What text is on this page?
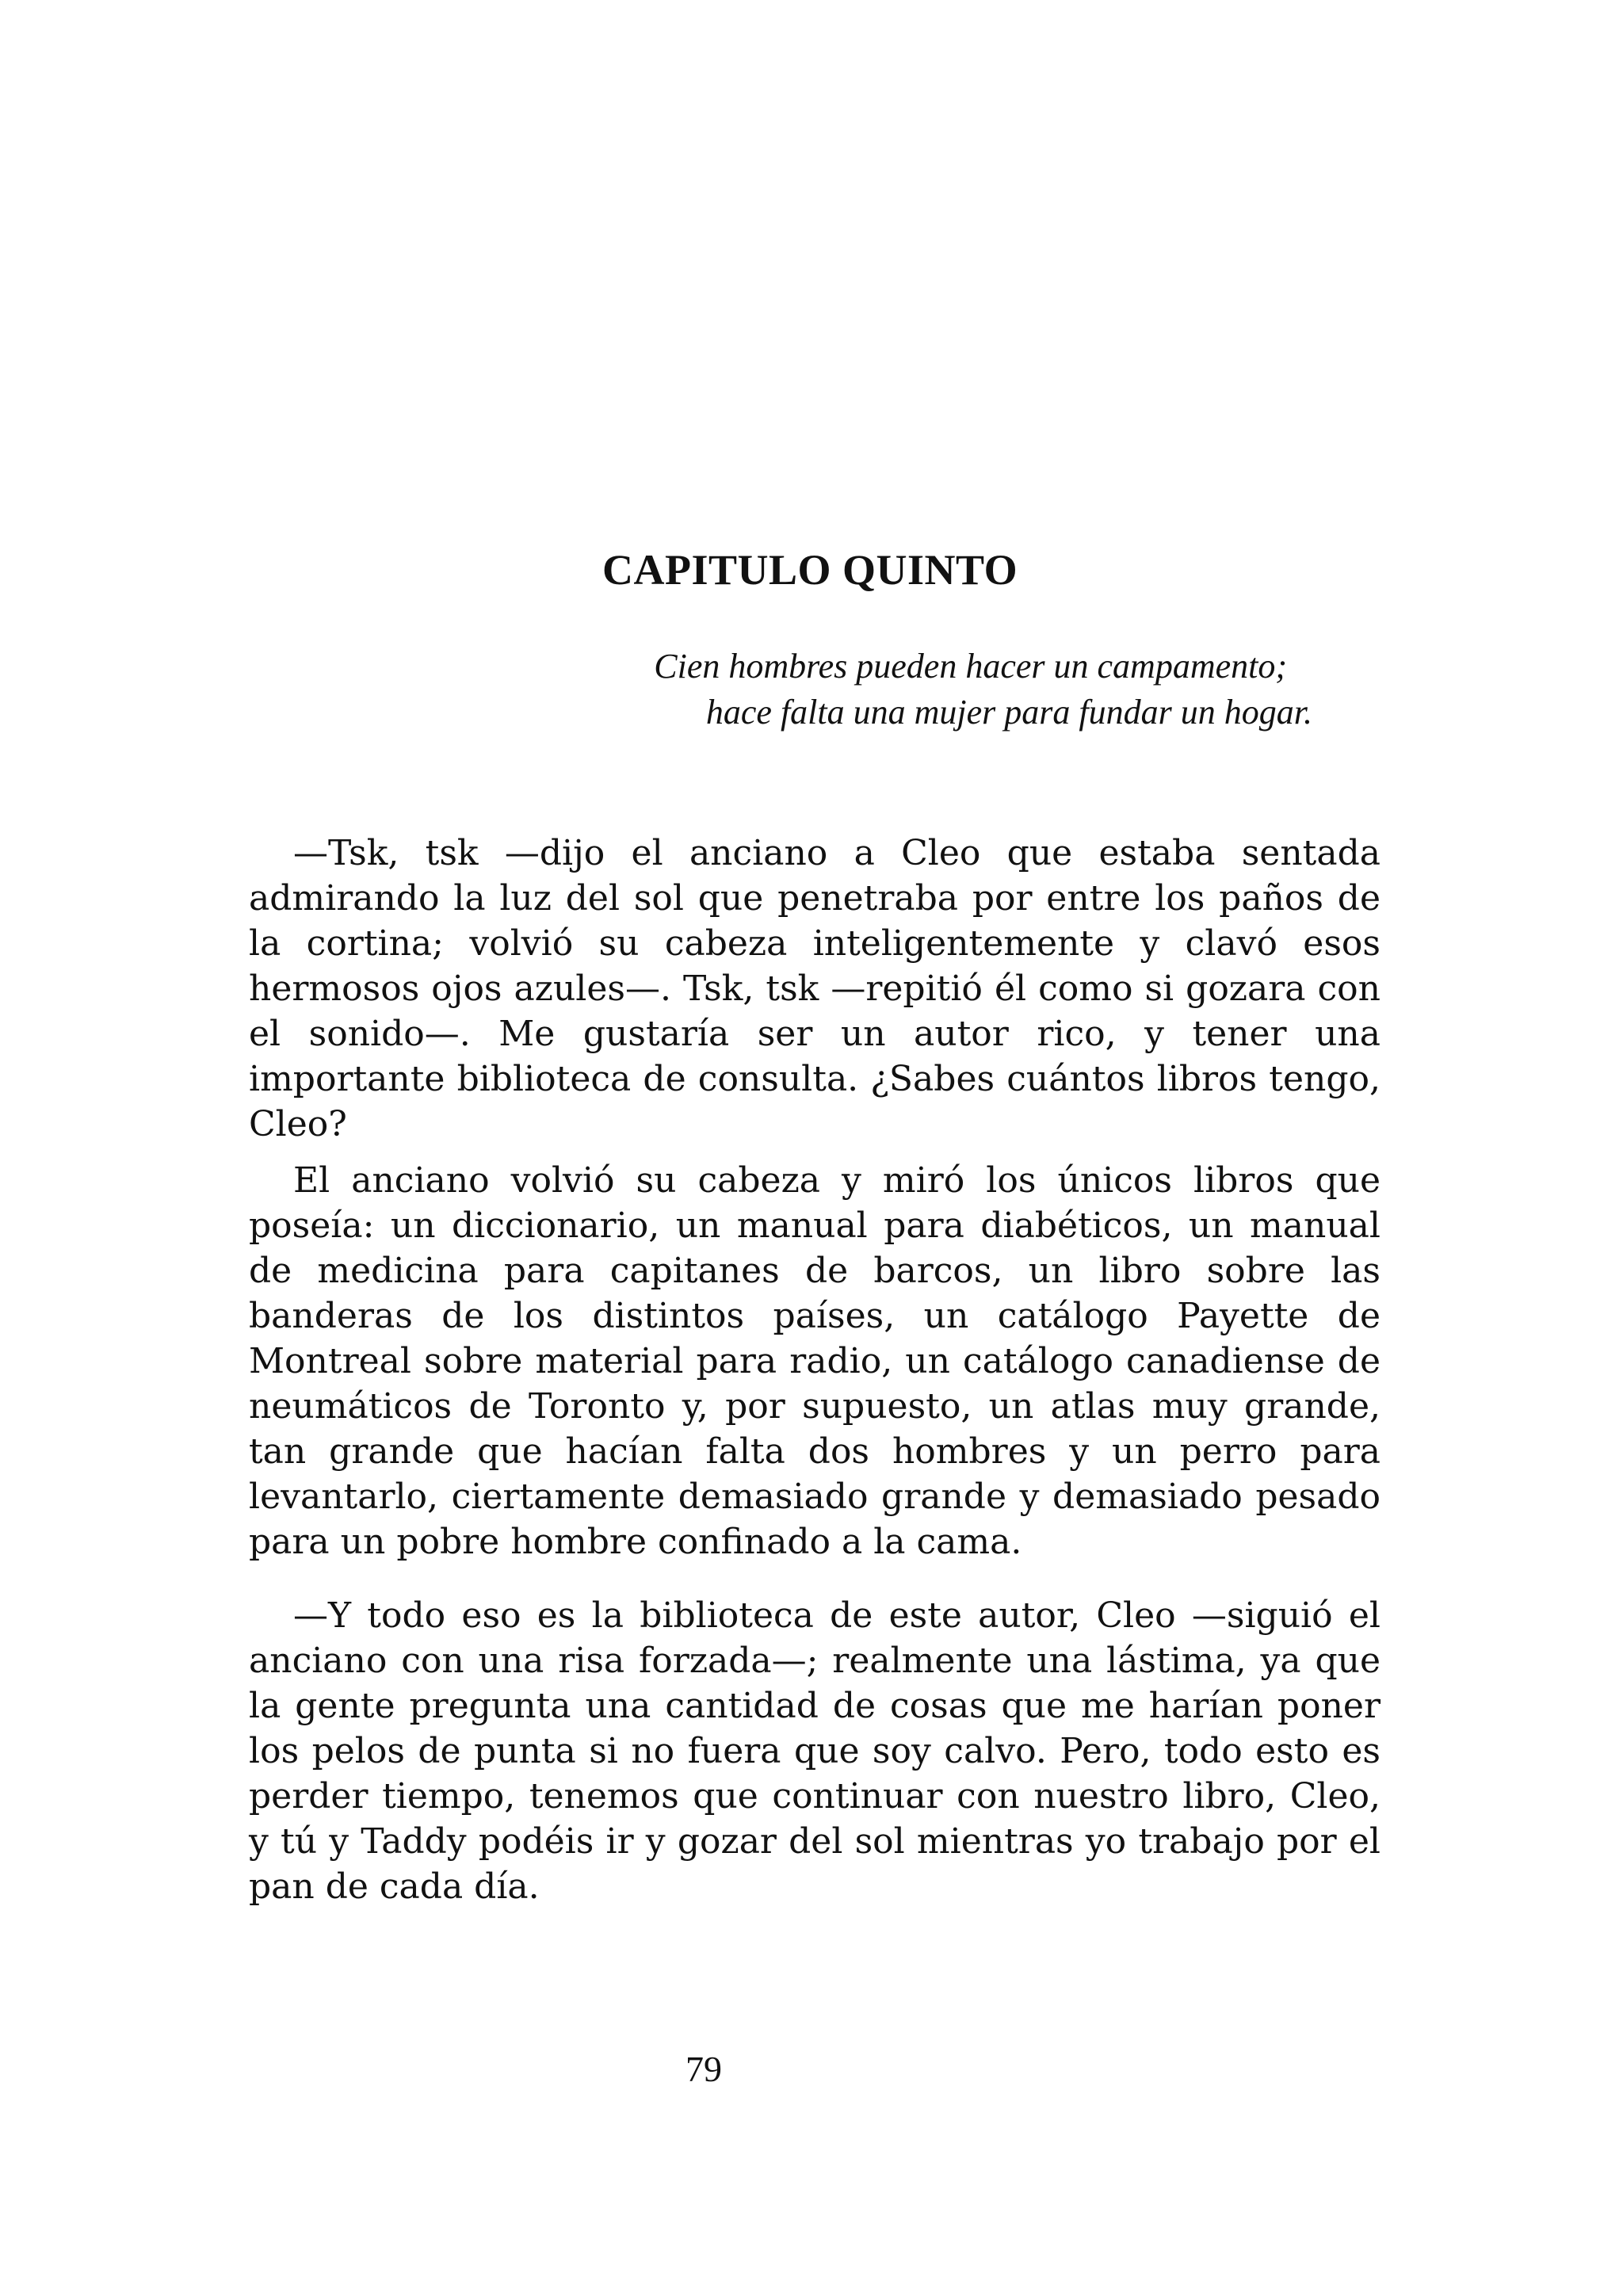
CAPITULO QUINTO
Cien hombres pueden hacer un campamento;
hace falta una mujer para fundar un hogar.

—Tsk, tsk —dijo el anciano a Cleo que estaba sentada admirando la luz del sol que penetraba por entre los paños de la cortina; volvió su cabeza inteligentemente y clavó esos hermosos ojos azules—. Tsk, tsk —repitió él como si gozara con el sonido—. Me gustaría ser un autor rico, y tener una importante biblioteca de consulta. ¿Sabes cuántos libros tengo, Cleo?

El anciano volvió su cabeza y miró los únicos libros que poseía: un diccionario, un manual para diabéticos, un manual de medicina para capitanes de barcos, un libro sobre las banderas de los distintos países, un catálogo Payette de Montreal sobre material para radio, un catálogo canadiense de neumáticos de Toronto y, por supuesto, un atlas muy grande, tan grande que hacían falta dos hombres y un perro para levantarlo, ciertamente demasiado grande y demasiado pesado para un pobre hombre confinado a la cama.

—Y todo eso es la biblioteca de este autor, Cleo —siguió el anciano con una risa forzada—; realmente una lástima, ya que la gente pregunta una cantidad de cosas que me harían poner los pelos de punta si no fuera que soy calvo. Pero, todo esto es perder tiempo, tenemos que continuar con nuestro libro, Cleo, y tú y Taddy podéis ir y gozar del sol mientras yo trabajo por el pan de cada día.

79
